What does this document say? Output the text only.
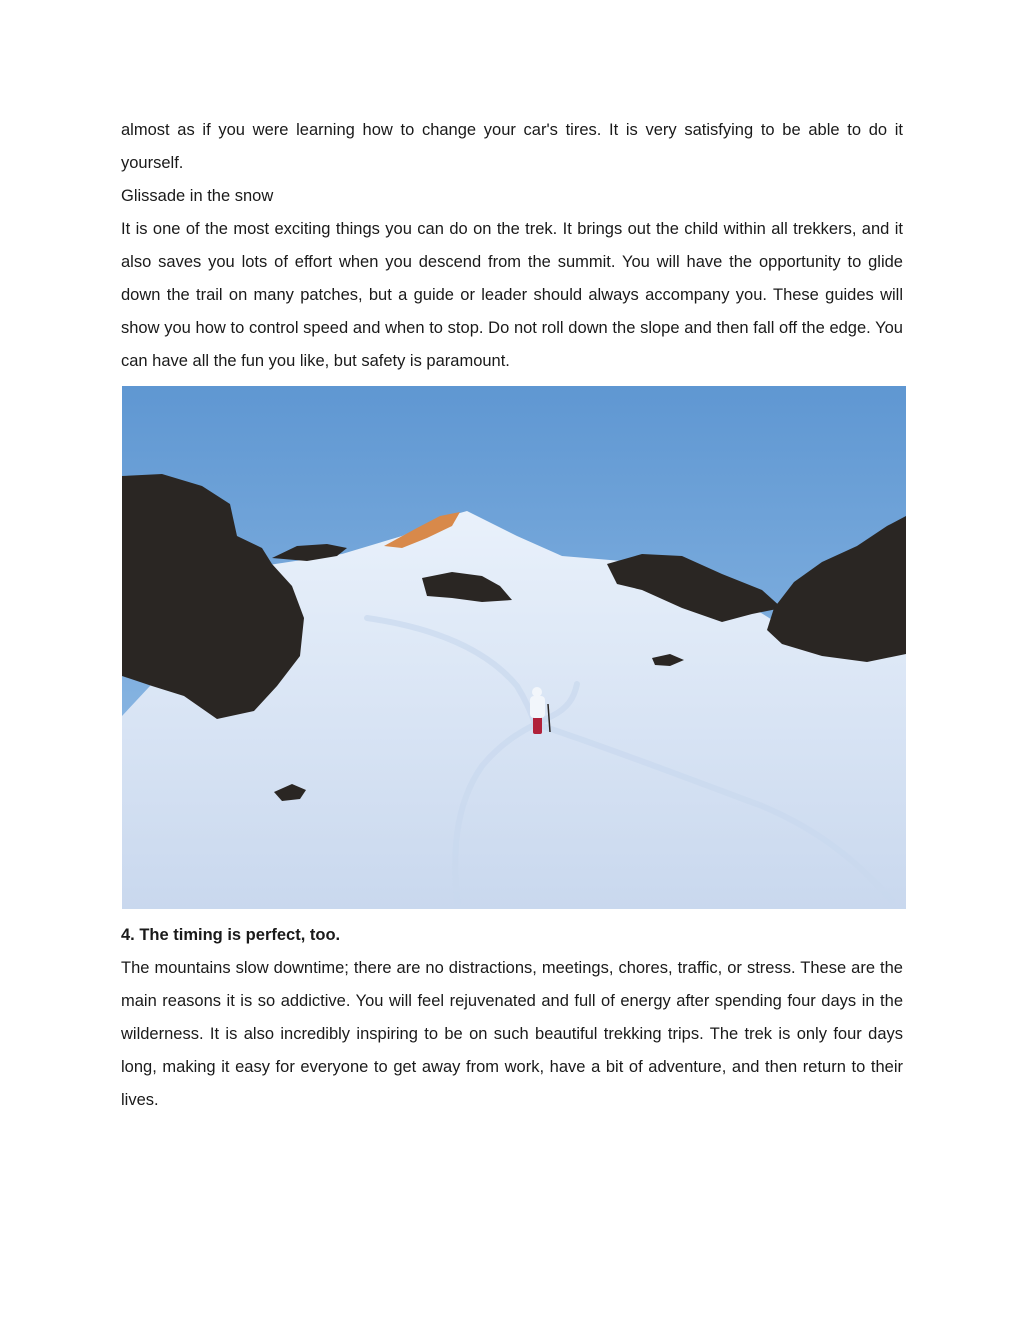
almost as if you were learning how to change your car's tires. It is very satisfying to be able to do it yourself.

Glissade in the snow

It is one of the most exciting things you can do on the trek. It brings out the child within all trekkers, and it also saves you lots of effort when you descend from the summit. You will have the opportunity to glide down the trail on many patches, but a guide or leader should always accompany you. These guides will show you how to control speed and when to stop. Do not roll down the slope and then fall off the edge. You can have all the fun you like, but safety is paramount.

4. The timing is perfect, too.

The mountains slow downtime; there are no distractions, meetings, chores, traffic, or stress. These are the main reasons it is so addictive. You will feel rejuvenated and full of energy after spending four days in the wilderness. It is also incredibly inspiring to be on such beautiful trekking trips. The trek is only four days long, making it easy for everyone to get away from work, have a bit of adventure, and then return to their lives.
